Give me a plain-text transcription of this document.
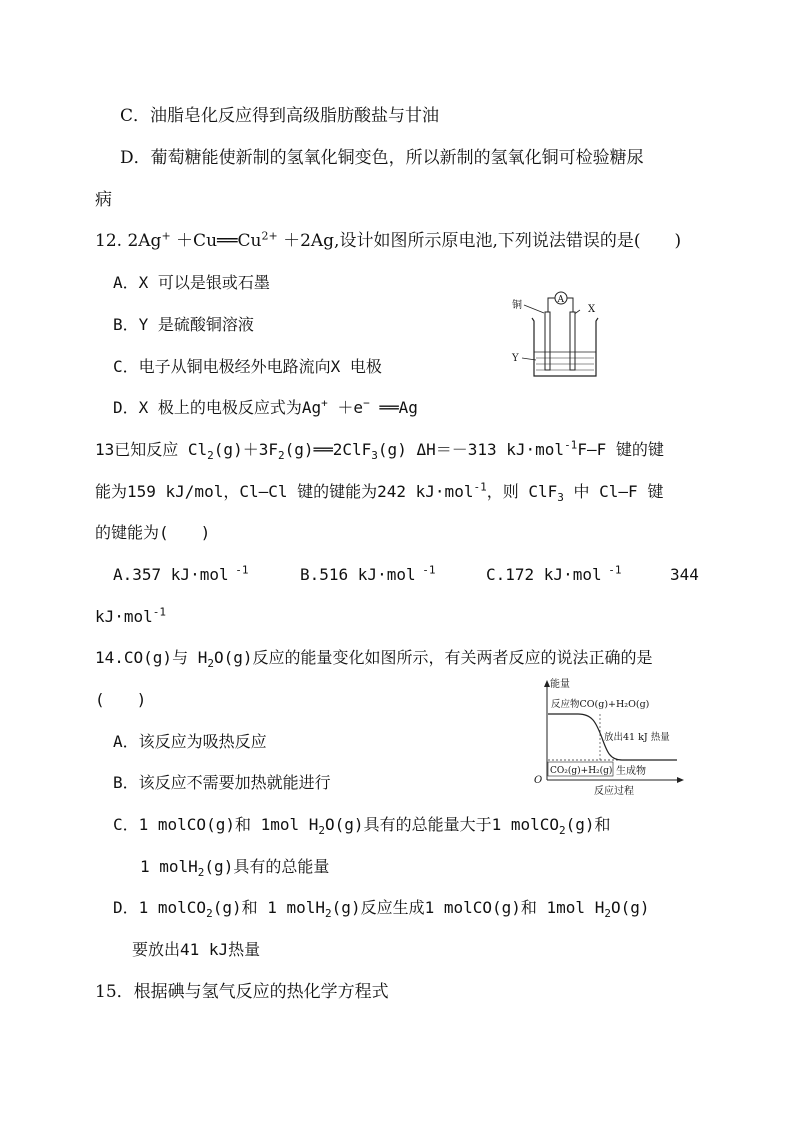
C．油脂皂化反应得到高级脂肪酸盐与甘油
D．葡萄糖能使新制的氢氧化铜变色，所以新制的氢氧化铜可检验糖尿
病
12. $2Ag^+ +Cu══Cu^{2+} +2Ag$,设计如图所示原电池,下列说法错误的是(　　)
A．X 可以是银或石墨
B．Y 是硫酸铜溶液
C．电子从铜电极经外电路流向X 电极
D．X 极上的电极反应式为Ag+ ＋e− ══Ag
铜	X
Y
A
13已知反应 $Cl_2(g)+3F_2(g)══2ClF_3(g)$ ΔH＝－313 kJ·mol$^{-1}$F—F 键的键
能为159 kJ/mol，Cl—Cl 键的键能为242 kJ·mol$^{-1}$，则 ClF$_3$ 中 Cl—F 键
的键能为(　　)
A.357 kJ·mol $^{-1}$	B.516 kJ·mol $^{-1}$	C.172 kJ·mol $^{-1}$	344
kJ·mol$^{-1}$
14.CO(g)与 $H_2O(g)$反应的能量变化如图所示，有关两者反应的说法正确的是
(　　)
A．该反应为吸热反应
B．该反应不需要加热就能进行
C．1 molCO(g)和 1mol $H_2O(g)$具有的总能量大于1 molCO$_2$(g)和
1 molH$_2$(g)具有的总能量
D．1 molCO$_2$(g)和 1 molH$_2$(g)反应生成1 molCO(g)和 1mol $H_2O(g)$
要放出41 kJ热量
能量
反应物CO(g)+H₂O(g)
放出41 kJ 热量
CO₂(g)+H₂(g) 生成物
O
反应过程
15．根据碘与氢气反应的热化学方程式
